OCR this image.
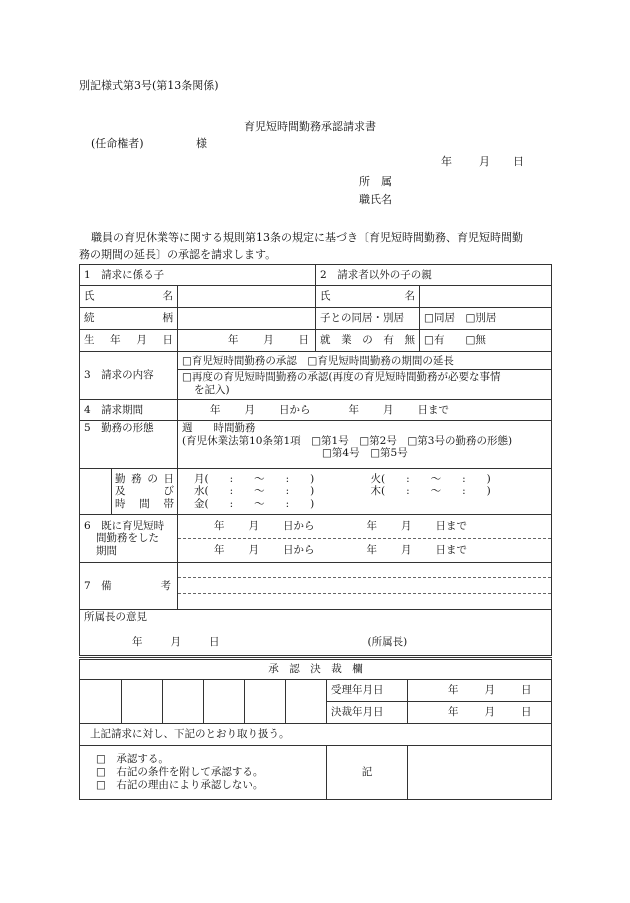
別記様式第3号(第13条関係)
育児短時間勤務承認請求書
(任命権者)	様
年 月 日
所　属
職氏名
職員の育児休業等に関する規則第13条の規定に基づき〔育児短時間勤務、育児短時間勤
務の期間の延長〕の承認を請求します。
1　請求に係る子	2　請求者以外の子の親

氏	名		氏	名

続	柄		子との同居・別居	□同居　 □別居

生 年 月 日	年 月 日	就 業 の 有 無	□有　　 □無
3　請求の内容	
□育児短時間勤務の承認　□育児短時間勤務の期間の延長
□再度の育児短時間勤務の承認(再度の育児短時間勤務が必要な事情
を記入)

4　請求期間	年 月 日から	年 月 日まで
5　勤務の形態	週　　時間勤務
(育児休業法第10条第1項　□第1号　□第2号　□第3号の勤務の形態)
□第4号　□第5号

勤 務 の 日
及	び
時 間 帯

月(　　:　　〜　　:　　)	火(　　:　　〜　　:　　)
水(　　:　　〜　　:　　)	木(　　:　　〜　　:　　)
金(　　:　　〜　　:　　)	

6　既に育児短時
間勤務をした
期間

年 月 日から	年 月 日まで
年 月 日から	年 月 日まで

7　備	考

所属長の意見
年	月	日	(所属長)
承　認　決　裁　欄							
						受理年月日	年 月 日
						決裁年月日	年 月 日
上記請求に対し、下記のとおり取り扱う。							

□　承認する。
□　右記の条件を附して承認する。
□　右記の理由により承認しない。						記	
